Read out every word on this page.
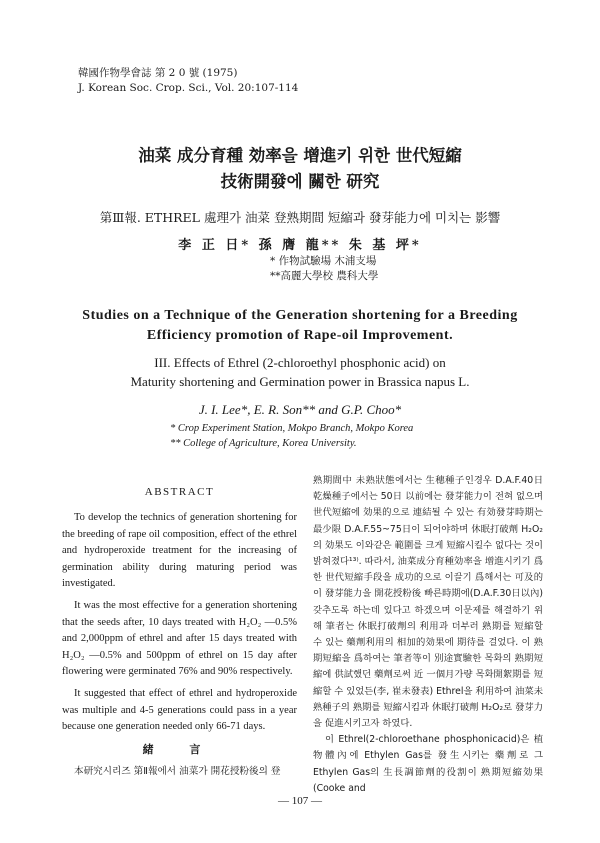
韓國作物學會誌 第 2 0 號 (1975)
J. Korean Soc. Crop. Sci., Vol. 20:107-114
油菜 成分育種 効率을 增進키 위한 世代短縮
技術開發에 關한 研究
第Ⅲ報. ETHREL 處理가 油菜 登熟期間 短縮과 發芽能力에 미치는 影響
李 正 日* 孫 膺 龍** 朱 基 坪*
* 作物試驗場 木浦支場
**高麗大學校 農科大學
Studies on a Technique of the Generation shortening for a Breeding
Efficiency promotion of Rape-oil Improvement.
III. Effects of Ethrel (2-chloroethyl phosphonic acid) on
Maturity shortening and Germination power in Brassica napus L.
J. I. Lee*, E. R. Son** and G.P. Choo*
* Crop Experiment Station, Mokpo Branch, Mokpo Korea
** College of Agriculture, Korea University.
ABSTRACT

To develop the technics of generation shortening for the breeding of rape oil composition, effect of the ethrel and hydroperoxide treatment for the increasing of germination ability during maturing period was investigated.

It was the most effective for a generation shortening that the seeds after, 10 days treated with H₂O₂ —0.5% and 2,000ppm of ethrel and after 15 days treated with H₂O₂ —0.5% and 500ppm of ethrel on 15 day after flowering were germinated 76% and 90% respectively.

It suggested that effect of ethrel and hydroperoxide was multiple and 4-5 generations could pass in a year because one generation needed only 66-71 days.

緒 言

本研究시리즈 第Ⅱ報에서 油菜가 開花授粉後의 登

熟期間中 未熟狀態에서는 生穗種子인경우 D.A.F.40日 乾燥種子에서는 50日 以前에는 發芽能力이 전혀 없으며 世代短縮에 効果的으로 連結될 수 있는 有効發芽時期는 最少限 D.A.F.55~75日이 되어야하며 休眠打破劑 H₂O₂의 効果도 이와같은 範圍를 크게 短縮시킬수 없다는 것이 밝혀졌다¹³⁾. 따라서, 油菜成分育種効率을 增進시키기 爲한 世代短縮手段을 成功的으로 이끌기 爲해서는 可及的 이 發芽能力을 開花授粉後 빠른時期에(D.A.F.30日以內) 갖추도록 하는데 있다고 하겠으며 이문제를 해결하기 위해 筆者는 休眠打破劑의 利用과 더부러 熟期를 短縮할 수 있는 藥劑利用의 相加的効果에 期待를 걸었다. 이 熟期短縮을 爲하여는 筆者等이 別途實驗한 목화의 熟期短縮에 供試했던 藥劑로써 近 一個月가량 목화開絮期를 短縮할 수 있었든(李, 崔未發表) Ethrel을 利用하여 油菜未熟種子의 熟期를 短縮시킴과 休眠打破劑 H₂O₂로 發芽力을 促進시키고자 하였다.

이 Ethrel(2-chloroethane phosphonicacid)은 植物體內에 Ethylen Gas를 發生시키는 藥劑로 그 Ethylen Gas의 生長調節劑的役割이 熟期短縮効果(Cooke and

— 107 —
